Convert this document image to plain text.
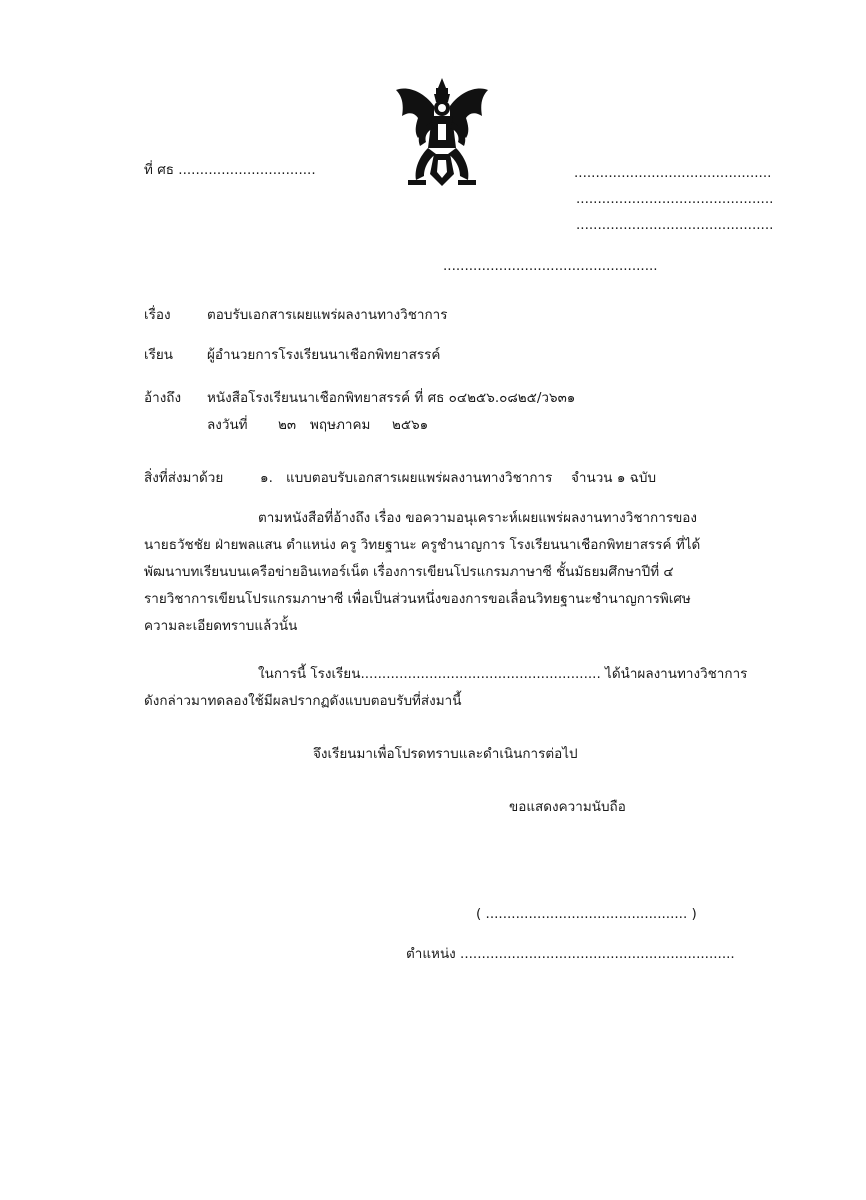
ที่ ศธ ................................	..............................................
..............................................
..............................................
..................................................
เรื่อง	ตอบรับเอกสารเผยแพร่ผลงานทางวิชาการ
เรียน	ผู้อำนวยการโรงเรียนนาเชือกพิทยาสรรค์
อ้างถึง หนังสือโรงเรียนนาเชือกพิทยาสรรค์ ที่ ศธ ๐๔๒๕๖.๐๘๒๕/ว๖๓๑
ลงวันที่ ๒๓ พฤษภาคม ๒๕๖๑
สิ่งที่ส่งมาด้วย	๑. แบบตอบรับเอกสารเผยแพร่ผลงานทางวิชาการ จำนวน ๑ ฉบับ
ตามหนังสือที่อ้างถึง เรื่อง ขอความอนุเคราะห์เผยแพร่ผลงานทางวิชาการของ
นายธวัชชัย ฝ่ายพลแสน ตำแหน่ง ครู วิทยฐานะ ครูชำนาญการ โรงเรียนนาเชือกพิทยาสรรค์ ที่ได้
พัฒนาบทเรียนบนเครือข่ายอินเทอร์เน็ต เรื่องการเขียนโปรแกรมภาษาซี ชั้นมัธยมศึกษาปีที่ ๔
รายวิชาการเขียนโปรแกรมภาษาซี เพื่อเป็นส่วนหนึ่งของการขอเลื่อนวิทยฐานะชำนาญการพิเศษ
ความละเอียดทราบแล้วนั้น
ในการนี้ โรงเรียน........................................................ ได้นำผลงานทางวิชาการ
ดังกล่าวมาทดลองใช้มีผลปรากฏดังแบบตอบรับที่ส่งมานี้
จึงเรียนมาเพื่อโปรดทราบและดำเนินการต่อไป
ขอแสดงความนับถือ
( ............................................... )
ตำแหน่ง ................................................................
